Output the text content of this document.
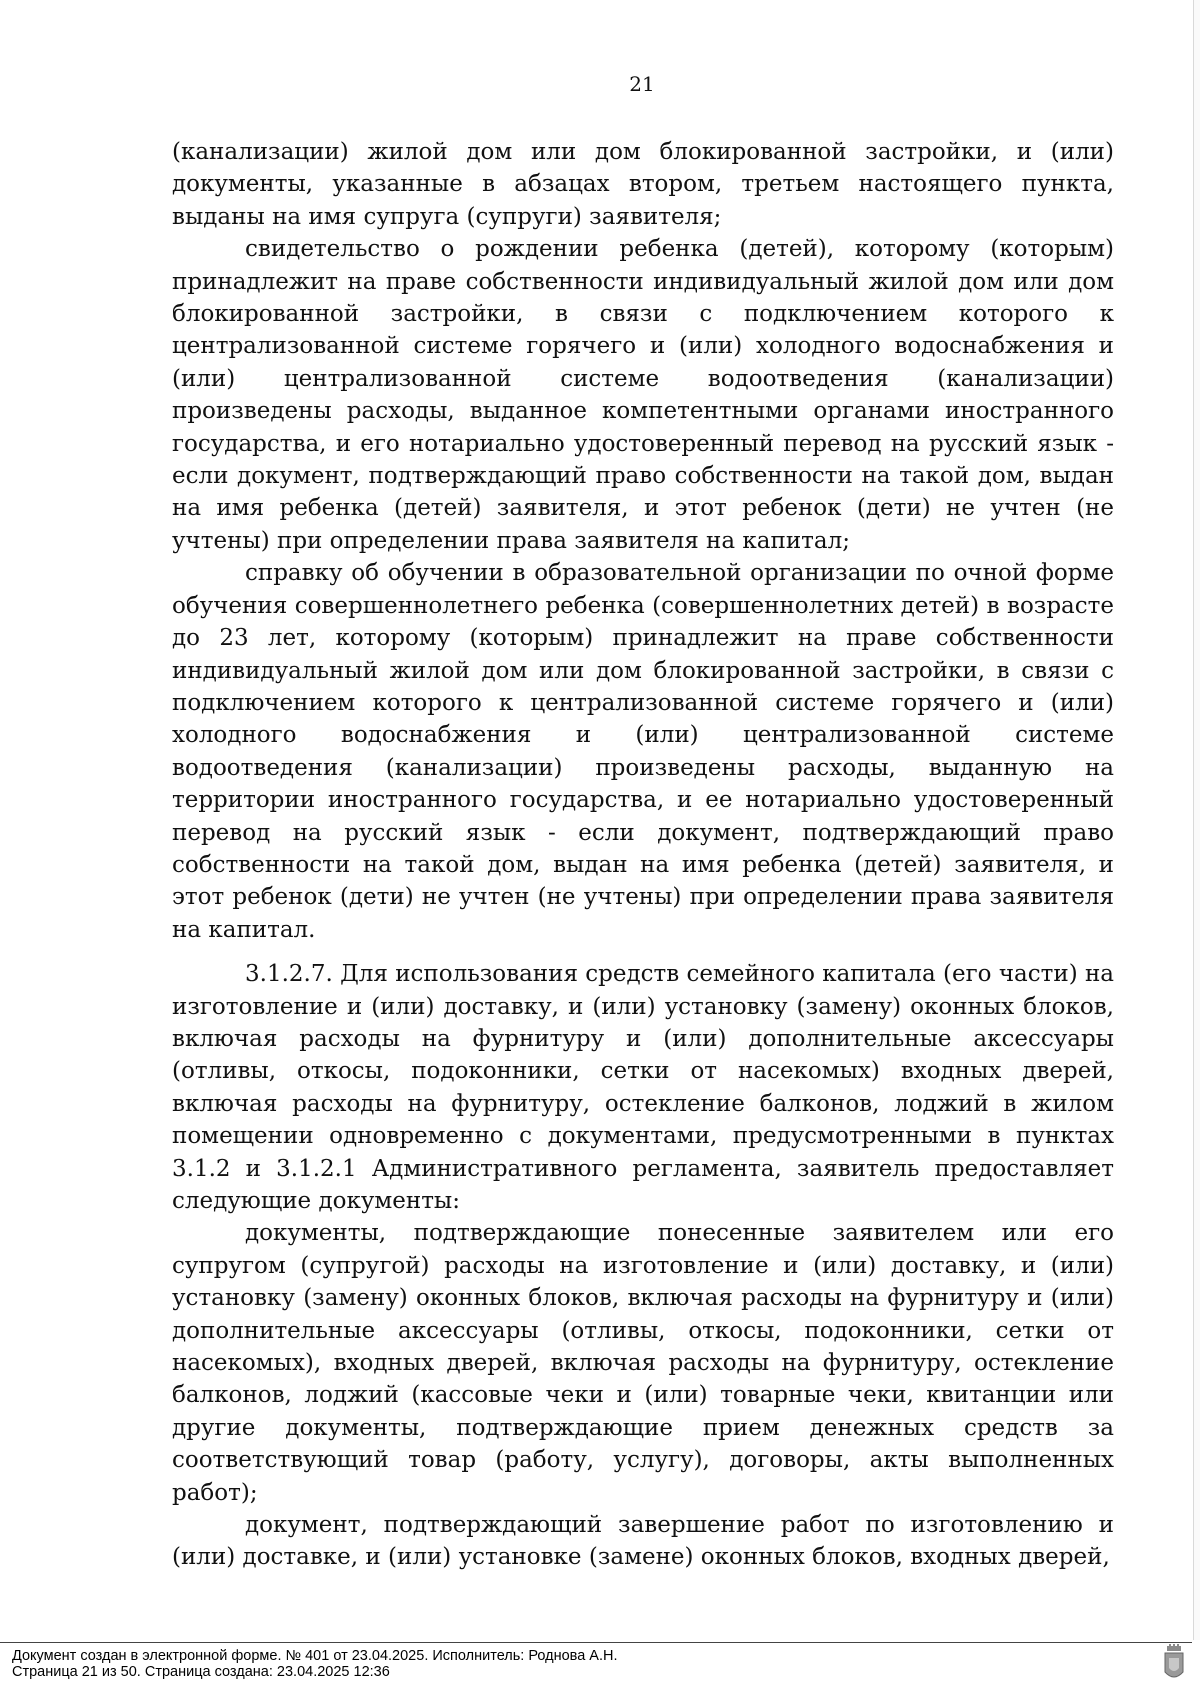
21

(канализации) жилой дом или дом блокированной застройки, и (или) документы, указанные в абзацах втором, третьем настоящего пункта, выданы на имя супруга (супруги) заявителя;

свидетельство о рождении ребенка (детей), которому (которым) принадлежит на праве собственности индивидуальный жилой дом или дом блокированной застройки, в связи с подключением которого к централизованной системе горячего и (или) холодного водоснабжения и (или) централизованной системе водоотведения (канализации) произведены расходы, выданное компетентными органами иностранного государства, и его нотариально удостоверенный перевод на русский язык - если документ, подтверждающий право собственности на такой дом, выдан на имя ребенка (детей) заявителя, и этот ребенок (дети) не учтен (не учтены) при определении права заявителя на капитал;

справку об обучении в образовательной организации по очной форме обучения совершеннолетнего ребенка (совершеннолетних детей) в возрасте до 23 лет, которому (которым) принадлежит на праве собственности индивидуальный жилой дом или дом блокированной застройки, в связи с подключением которого к централизованной системе горячего и (или) холодного водоснабжения и (или) централизованной системе водоотведения (канализации) произведены расходы, выданную на территории иностранного государства, и ее нотариально удостоверенный перевод на русский язык - если документ, подтверждающий право собственности на такой дом, выдан на имя ребенка (детей) заявителя, и этот ребенок (дети) не учтен (не учтены) при определении права заявителя на капитал.

3.1.2.7. Для использования средств семейного капитала (его части) на изготовление и (или) доставку, и (или) установку (замену) оконных блоков, включая расходы на фурнитуру и (или) дополнительные аксессуары (отливы, откосы, подоконники, сетки от насекомых) входных дверей, включая расходы на фурнитуру, остекление балконов, лоджий в жилом помещении одновременно с документами, предусмотренными в пунктах 3.1.2 и 3.1.2.1 Административного регламента, заявитель предоставляет следующие документы:

документы, подтверждающие понесенные заявителем или его супругом (супругой) расходы на изготовление и (или) доставку, и (или) установку (замену) оконных блоков, включая расходы на фурнитуру и (или) дополнительные аксессуары (отливы, откосы, подоконники, сетки от насекомых), входных дверей, включая расходы на фурнитуру, остекление балконов, лоджий (кассовые чеки и (или) товарные чеки, квитанции или другие документы, подтверждающие прием денежных средств за соответствующий товар (работу, услугу), договоры, акты выполненных работ);

документ, подтверждающий завершение работ по изготовлению и (или) доставке, и (или) установке (замене) оконных блоков, входных дверей,

Документ создан в электронной форме. № 401 от 23.04.2025. Исполнитель: Роднова А.Н.
Страница 21 из 50. Страница создана: 23.04.2025 12:36
